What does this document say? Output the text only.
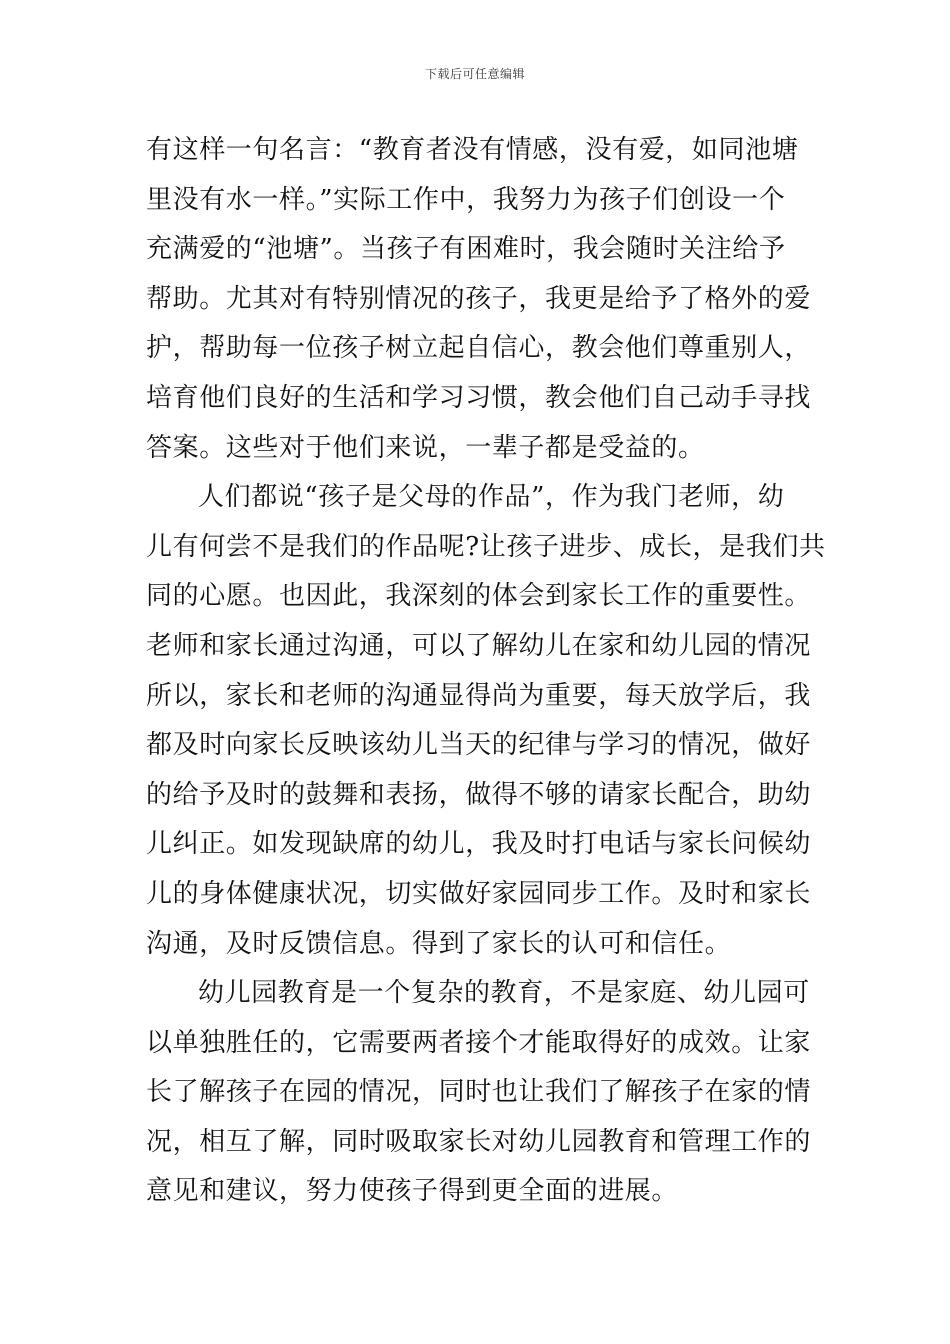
下载后可任意编辑
有这样一句名言：“教育者没有情感，没有爱，如同池塘
里没有水一样。”实际工作中，我努力为孩子们创设一个
充满爱的“池塘”。当孩子有困难时，我会随时关注给予
帮助。尤其对有特别情况的孩子，我更是给予了格外的爱
护，帮助每一位孩子树立起自信心，教会他们尊重别人，
培育他们良好的生活和学习习惯，教会他们自己动手寻找
答案。这些对于他们来说，一辈子都是受益的。
人们都说“孩子是父母的作品”，作为我门老师，幼
儿有何尝不是我们的作品呢?让孩子进步、成长，是我们共
同的心愿。也因此，我深刻的体会到家长工作的重要性。
老师和家长通过沟通，可以了解幼儿在家和幼儿园的情况
所以，家长和老师的沟通显得尚为重要，每天放学后，我
都及时向家长反映该幼儿当天的纪律与学习的情况，做好
的给予及时的鼓舞和表扬，做得不够的请家长配合，助幼
儿纠正。如发现缺席的幼儿，我及时打电话与家长问候幼
儿的身体健康状况，切实做好家园同步工作。及时和家长
沟通，及时反馈信息。得到了家长的认可和信任。
幼儿园教育是一个复杂的教育，不是家庭、幼儿园可
以单独胜任的，它需要两者接个才能取得好的成效。让家
长了解孩子在园的情况，同时也让我们了解孩子在家的情
况，相互了解，同时吸取家长对幼儿园教育和管理工作的
意见和建议，努力使孩子得到更全面的进展。
